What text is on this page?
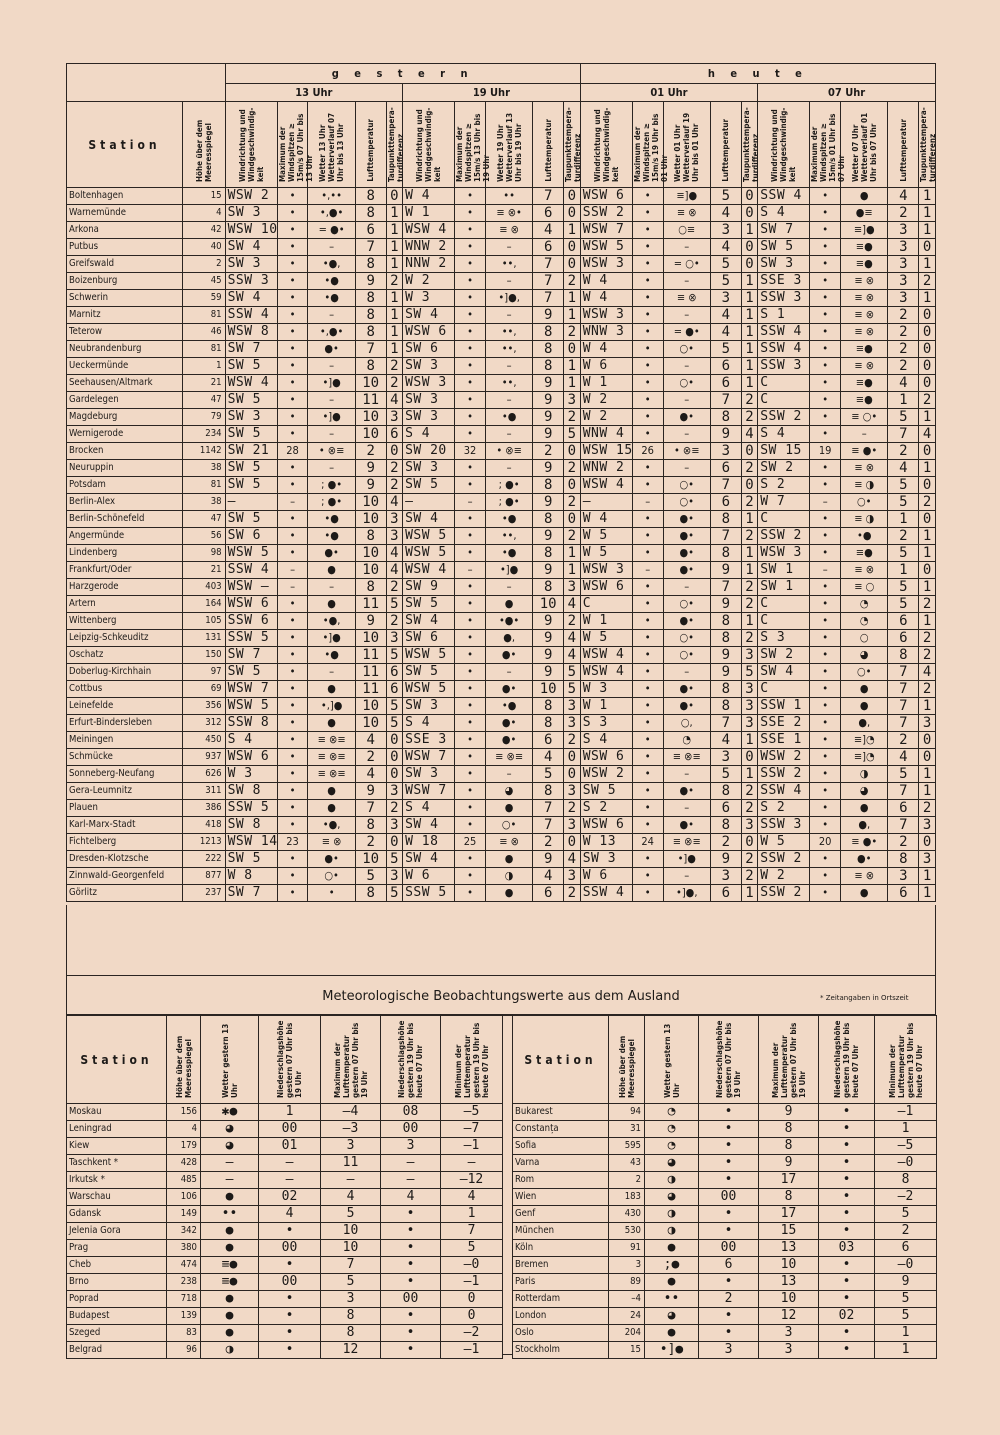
		g e s t e r n										h e u t e									
		13 Uhr					19 Uhr					01 Uhr					07 Uhr				
Station	Höhe über dem Meeresspiegel	Windrichtung und Windgeschwindig-keit	Maximum der Windspitzen ≥ 15m/s 07 Uhr bis 13 Uhr	Wetter 13 Uhr Wetterverlauf 07 Uhr bis 13 Uhr	Lufttemperatur	Taupunkttempera-turdifferenz	Windrichtung und Windgeschwindig-keit	Maximum der Windspitzen ≥ 15m/s 13 Uhr bis 19 Uhr	Wetter 19 Uhr Wetterverlauf 13 Uhr bis 19 Uhr	Lufttemperatur	Taupunkttempera-turdifferenz	Windrichtung und Windgeschwindig-keit	Maximum der Windspitzen ≥ 15m/s 19 Uhr bis 01 Uhr	Wetter 01 Uhr Wetterverlauf 19 Uhr bis 01 Uhr	Lufttemperatur	Taupunkttempera-turdifferenz	Windrichtung und Windgeschwindig-keit	Maximum der Windspitzen ≥ 15m/s 01 Uhr bis 07 Uhr	Wetter 07 Uhr Wetterverlauf 01 Uhr bis 07 Uhr	Lufttemperatur	Taupunkttempera-turdifferenz
Boltenhagen	15	WSW 2	•	•,••	8	0	W 4	•	••	7	0	WSW 6	•	≡]●	5	0	SSW 4	•	●	4	1
Warnemünde	4	SW 3	•	•,●•	8	1	W 1	•	≡ ⊗•	6	0	SSW 2	•	≡ ⊗	4	0	S 4	•	●≡	2	1
Arkona	42	WSW 10	•	= ●•	6	1	WSW 4	•	≡ ⊗	4	1	WSW 7	•	○≡	3	1	SW 7	•	≡]●	3	1
Putbus	40	SW 4	•	–	7	1	WNW 2	•	–	6	0	WSW 5	•	–	4	0	SW 5	•	≡●	3	0
Greifswald	2	SW 3	•	•●,	8	1	NNW 2	•	••,	7	0	WSW 3	•	= ○•	5	0	SW 3	•	≡●	3	1
Boizenburg	45	SSW 3	•	•●	9	2	W 2	•	–	7	2	W 4	•	–	5	1	SSE 3	•	≡ ⊗	3	2
Schwerin	59	SW 4	•	•●	8	1	W 3	•	•]●,	7	1	W 4	•	≡ ⊗	3	1	SSW 3	•	≡ ⊗	3	1
Marnitz	81	SSW 4	•	–	8	1	SW 4	•	–	9	1	WSW 3	•	–	4	1	S 1	•	≡ ⊗	2	0
Teterow	46	WSW 8	•	•,●•	8	1	WSW 6	•	••,	8	2	WNW 3	•	= ●•	4	1	SSW 4	•	≡ ⊗	2	0
Neubrandenburg	81	SW 7	•	●•	7	1	SW 6	•	••,	8	0	W 4	•	○•	5	1	SSW 4	•	≡●	2	0
Ueckermünde	1	SW 5	•	–	8	2	SW 3	•	–	8	1	W 6	•	–	6	1	SSW 3	•	≡ ⊗	2	0
Seehausen/Altmark	21	WSW 4	•	•]●	10	2	WSW 3	•	••,	9	1	W 1	•	○•	6	1	C	•	≡●	4	0
Gardelegen	47	SW 5	•	–	11	4	SW 3	•	–	9	3	W 2	•	–	7	2	C	•	≡●	1	2
Magdeburg	79	SW 3	•	•]●	10	3	SW 3	•	•●	9	2	W 2	•	●•	8	2	SSW 2	•	≡ ○•	5	1
Wernigerode	234	SW 5	•	–	10	6	S 4	•	–	9	5	WNW 4	•	–	9	4	S 4	•	–	7	4
Brocken	1142	SW 21	28	• ⊗≡	2	0	SW 20	32	• ⊗≡	2	0	WSW 15	26	• ⊗≡	3	0	SW 15	19	≡ ●•	2	0
Neuruppin	38	SW 5	•	–	9	2	SW 3	•	–	9	2	WNW 2	•	–	6	2	SW 2	•	≡ ⊗	4	1
Potsdam	81	SW 5	•	; ●•	9	2	SW 5	•	; ●•	8	0	WSW 4	•	○•	7	0	S 2	•	≡ ◑	5	0
Berlin-Alex	38	–	–	; ●•	10	4	–	–	; ●•	9	2	–	–	○•	6	2	W 7	–	○•	5	2
Berlin-Schönefeld	47	SW 5	•	•●	10	3	SW 4	•	•●	8	0	W 4	•	●•	8	1	C	•	≡ ◑	1	0
Angermünde	56	SW 6	•	•●	8	3	WSW 5	•	••,	9	2	W 5	•	●•	7	2	SSW 2	•	•●	2	1
Lindenberg	98	WSW 5	•	●•	10	4	WSW 5	•	•●	8	1	W 5	•	●•	8	1	WSW 3	•	≡●	5	1
Frankfurt/Oder	21	SSW 4	–	●	10	4	WSW 4	–	•]●	9	1	WSW 3	–	●•	9	1	SW 1	–	≡ ⊗	1	0
Harzgerode	403	WSW –	–	–	8	2	SW 9	•	–	8	3	WSW 6	•	–	7	2	SW 1	•	≡ ○	5	1
Artern	164	WSW 6	•	●	11	5	SW 5	•	●	10	4	C	•	○•	9	2	C	•	◔	5	2
Wittenberg	105	SSW 6	•	•●,	9	2	SW 4	•	•●•	9	2	W 1	•	●•	8	1	C	•	◔	6	1
Leipzig-Schkeuditz	131	SSW 5	•	•]●	10	3	SW 6	•	●,	9	4	W 5	•	○•	8	2	S 3	•	○	6	2
Oschatz	150	SW 7	•	•●	11	5	WSW 5	•	●•	9	4	WSW 4	•	○•	9	3	SW 2	•	◕	8	2
Doberlug-Kirchhain	97	SW 5	•	–	11	6	SW 5	•	–	9	5	WSW 4	•	–	9	5	SW 4	•	○•	7	4
Cottbus	69	WSW 7	•	●	11	6	WSW 5	•	●•	10	5	W 3	•	●•	8	3	C	•	●	7	2
Leinefelde	356	WSW 5	•	•,]●	10	5	SW 3	•	•●	8	3	W 1	•	●•	8	3	SSW 1	•	●	7	1
Erfurt-Bindersleben	312	SSW 8	•	●	10	5	S 4	•	●•	8	3	S 3	•	○,	7	3	SSE 2	•	●,	7	3
Meiningen	450	S 4	•	≡ ⊗≡	4	0	SSE 3	•	●•	6	2	S 4	•	◔	4	1	SSE 1	•	≡]◔	2	0
Schmücke	937	WSW 6	•	≡ ⊗≡	2	0	WSW 7	•	≡ ⊗≡	4	0	WSW 6	•	≡ ⊗≡	3	0	WSW 2	•	≡]◔	4	0
Sonneberg-Neufang	626	W 3	•	≡ ⊗≡	4	0	SW 3	•	–	5	0	WSW 2	•	–	5	1	SSW 2	•	◑	5	1
Gera-Leumnitz	311	SW 8	•	●	9	3	WSW 7	•	◕	8	3	SW 5	•	●•	8	2	SSW 4	•	◕	7	1
Plauen	386	SSW 5	•	●	7	2	S 4	•	●	7	2	S 2	•	–	6	2	S 2	•	●	6	2
Karl-Marx-Stadt	418	SW 8	•	•●,	8	3	SW 4	•	○•	7	3	WSW 6	•	●•	8	3	SSW 3	•	●,	7	3
Fichtelberg	1213	WSW 14	23	≡ ⊗	2	0	W 18	25	≡ ⊗	2	0	W 13	24	≡ ⊗≡	2	0	W 5	20	≡ ●•	2	0
Dresden-Klotzsche	222	SW 5	•	●•	10	5	SW 4	•	●	9	4	SW 3	•	•]●	9	2	SSW 2	•	●•	8	3
Zinnwald-Georgenfeld	877	W 8	•	○•	5	3	W 6	•	◑	4	3	W 6	•	–	3	2	W 2	•	≡ ⊗	3	1
Görlitz	237	SW 7	•	•	8	5	SSW 5	•	●	6	2	SSW 4	•	•]●,	6	1	SSW 2	•	●	6	1
Meteorologische Beobachtungswerte aus dem Ausland	* Zeitangaben in Ortszeit
Station	Höhe über dem Meeresspiegel	Wetter gestern 13 Uhr	Niederschlagshöhe gestern 07 Uhr bis 19 Uhr	Maximum der Lufttemperatur gestern 07 Uhr bis 19 Uhr	Niederschlagshöhe gestern 19 Uhr bis heute 07 Uhr	Minimum der Lufttemperatur gestern 19 Uhr bis heute 07 Uhr
Moskau	156	✱●	1	–4	08	–5
Leningrad	4	◕	00	–3	00	–7
Kiew	179	◕	01	3	3	–1
Taschkent *	428	–	–	11	–	–
Irkutsk *	485	–	–	–	–	–12
Warschau	106	●	02	4	4	4
Gdansk	149	••	4	5	•	1
Jelenia Gora	342	●	•	10	•	7
Prag	380	●	00	10	•	5
Cheb	474	≡●	•	7	•	–0
Brno	238	≡●	00	5	•	–1
Poprad	718	●	•	3	00	0
Budapest	139	●	•	8	•	0
Szeged	83	●	•	8	•	–2
Belgrad	96	◑	•	12	•	–1
Station	Höhe über dem Meeresspiegel	Wetter gestern 13 Uhr	Niederschlagshöhe gestern 07 Uhr bis 19 Uhr	Maximum der Lufttemperatur gestern 07 Uhr bis 19 Uhr	Niederschlagshöhe gestern 19 Uhr bis heute 07 Uhr	Minimum der Lufttemperatur gestern 19 Uhr bis heute 07 Uhr
Bukarest	94	◔	•	9	•	–1
Constanța	31	◔	•	8	•	1
Sofia	595	◔	•	8	•	–5
Varna	43	◕	•	9	•	–0
Rom	2	◑	•	17	•	8
Wien	183	◕	00	8	•	–2
Genf	430	◑	•	17	•	5
München	530	◑	•	15	•	2
Köln	91	●	00	13	03	6
Bremen	3	;●	6	10	•	–0
Paris	89	●	•	13	•	9
Rotterdam	–4	••	2	10	•	5
London	24	◕	•	12	02	5
Oslo	204	●	•	3	•	1
Stockholm	15	•]●	3	3	•	1
